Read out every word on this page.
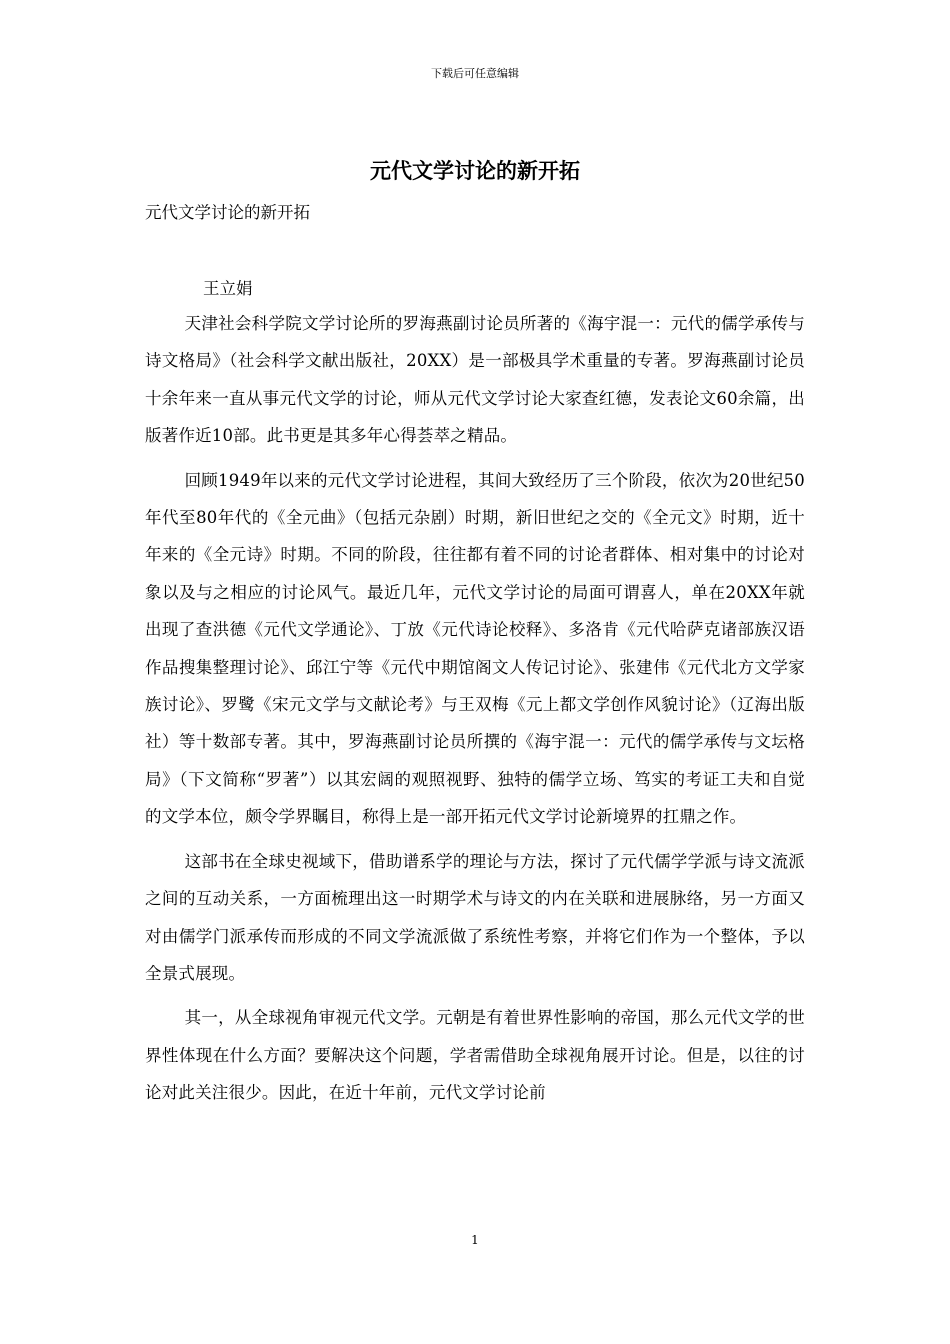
下载后可任意编辑
元代文学讨论的新开拓
元代文学讨论的新开拓
王立娟

天津社会科学院文学讨论所的罗海燕副讨论员所著的《海宇混一：元代的儒学承传与诗文格局》（社会科学文献出版社，20XX）是一部极具学术重量的专著。罗海燕副讨论员十余年来一直从事元代文学的讨论，师从元代文学讨论大家查红德，发表论文60余篇，出版著作近10部。此书更是其多年心得荟萃之精品。

回顾1949年以来的元代文学讨论进程，其间大致经历了三个阶段，依次为20世纪50年代至80年代的《全元曲》（包括元杂剧）时期，新旧世纪之交的《全元文》时期，近十年来的《全元诗》时期。不同的阶段，往往都有着不同的讨论者群体、相对集中的讨论对象以及与之相应的讨论风气。最近几年，元代文学讨论的局面可谓喜人，单在20XX年就出现了查洪德《元代文学通论》、丁放《元代诗论校释》、多洛肯《元代哈萨克诸部族汉语作品搜集整理讨论》、邱江宁等《元代中期馆阁文人传记讨论》、张建伟《元代北方文学家族讨论》、罗鹭《宋元文学与文献论考》与王双梅《元上都文学创作风貌讨论》（辽海出版社）等十数部专著。其中，罗海燕副讨论员所撰的《海宇混一：元代的儒学承传与文坛格局》（下文简称“罗著”）以其宏阔的观照视野、独特的儒学立场、笃实的考证工夫和自觉的文学本位，颇令学界瞩目，称得上是一部开拓元代文学讨论新境界的扛鼎之作。

这部书在全球史视域下，借助谱系学的理论与方法，探讨了元代儒学学派与诗文流派之间的互动关系，一方面梳理出这一时期学术与诗文的内在关联和进展脉络，另一方面又对由儒学门派承传而形成的不同文学流派做了系统性考察，并将它们作为一个整体，予以全景式展现。

其一，从全球视角审视元代文学。元朝是有着世界性影响的帝国，那么元代文学的世界性体现在什么方面？要解决这个问题，学者需借助全球视角展开讨论。但是，以往的讨论对此关注很少。因此，在近十年前，元代文学讨论前

1
